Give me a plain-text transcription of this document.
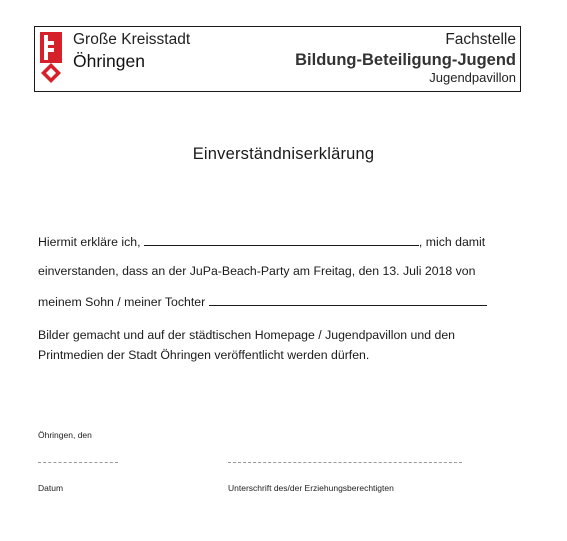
Große Kreisstadt
Öhringen
Fachstelle
Bildung-Beteiligung-Jugend
Jugendpavillon
Einverständniserklärung
Hiermit erkläre ich,	, mich damit
einverstanden, dass an der JuPa-Beach-Party am Freitag, den 13. Juli 2018 von
meinem Sohn / meiner Tochter
Bilder gemacht und auf der städtischen Homepage / Jugendpavillon und den Printmedien der Stadt Öhringen veröffentlicht werden dürfen.
Öhringen, den
Datum	Unterschrift des/der Erziehungsberechtigten
